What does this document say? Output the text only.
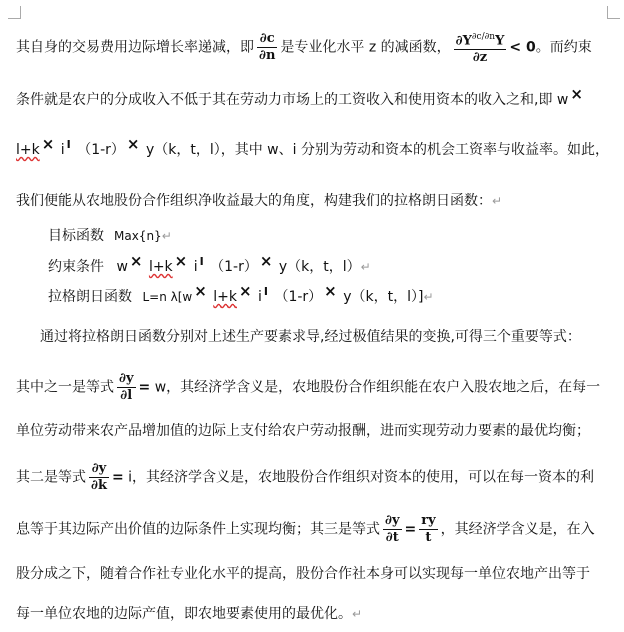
其自身的交易费用边际增长率递减，即 $\frac{\partial c}{\partial n}$ 是专业化水平 z 的减函数， $\frac{\partial Y^{\partial c/\partial n}Y}{\partial z} < 0$。而约束
条件就是农户的分成收入不低于其在劳动力市场上的工资收入和使用资本的收入之和,即 w ×
l+k × i $^I$ （1-r） × y（k，t，l），其中 w、i 分别为劳动和资本的机会工资率与收益率。如此，
我们便能从农地股份合作组织净收益最大的角度，构建我们的拉格朗日函数：↵
目标函数 Max{n}↵
约束条件 w × l+k × i $^I$ （1-r） × y（k，t，l）↵
拉格朗日函数 L=n λ[w × l+k × i $^I$ （1-r） × y（k，t，l）]↵
通过将拉格朗日函数分别对上述生产要素求导,经过极值结果的变换,可得三个重要等式：
其中之一是等式 $\frac{\partial y}{\partial l} = w$，其经济学含义是，农地股份合作组织能在农户入股农地之后，在每一
单位劳动带来农产品增加值的边际上支付给农户劳动报酬，进而实现劳动力要素的最优均衡；
其二是等式 $\frac{\partial y}{\partial k} = i$，其经济学含义是，农地股份合作组织对资本的使用，可以在每一资本的利
息等于其边际产出价值的边际条件上实现均衡；其三是等式 $\frac{\partial y}{\partial t} = \frac{ry}{t}$ ，其经济学含义是，在入
股分成之下，随着合作社专业化水平的提高，股份合作社本身可以实现每一单位农地产出等于
每一单位农地的边际产值，即农地要素使用的最优化。↵
